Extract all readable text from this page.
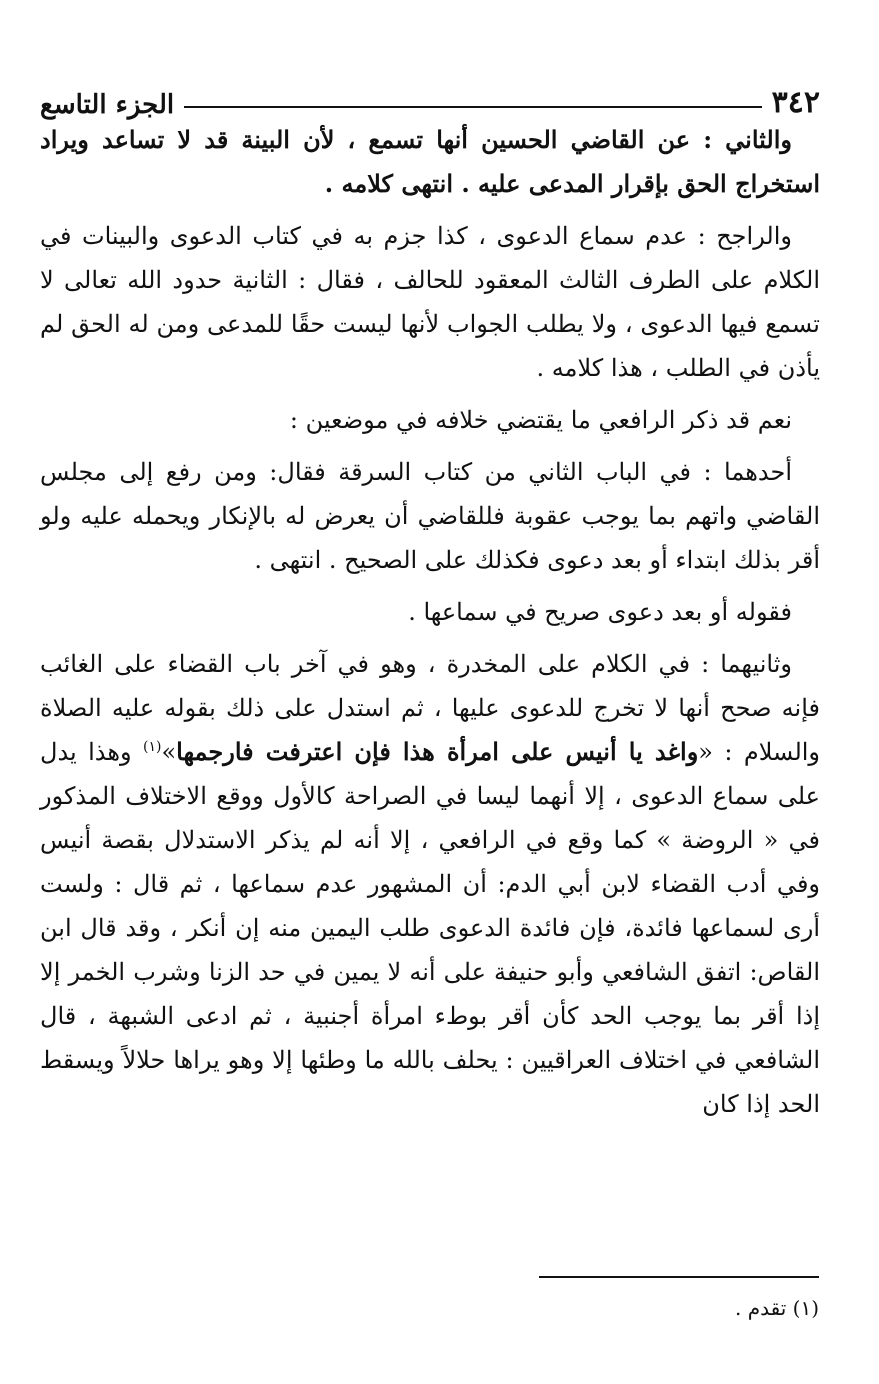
٣٤٢
الجزء التاسع

والثاني : عن القاضي الحسين أنها تسمع ، لأن البينة قد لا تساعد ويراد استخراج الحق بإقرار المدعى عليه . انتهى كلامه .

والراجح : عدم سماع الدعوى ، كذا جزم به في كتاب الدعوى والبينات في الكلام على الطرف الثالث المعقود للحالف ، فقال : الثانية حدود الله تعالى لا تسمع فيها الدعوى ، ولا يطلب الجواب لأنها ليست حقًا للمدعى ومن له الحق لم يأذن في الطلب ، هذا كلامه .

نعم قد ذكر الرافعي ما يقتضي خلافه في موضعين :

أحدهما : في الباب الثاني من كتاب السرقة فقال: ومن رفع إلى مجلس القاضي واتهم بما يوجب عقوبة فللقاضي أن يعرض له بالإنكار ويحمله عليه ولو أقر بذلك ابتداء أو بعد دعوى فكذلك على الصحيح . انتهى .

فقوله أو بعد دعوى صريح في سماعها .

وثانيهما : في الكلام على المخدرة ، وهو في آخر باب القضاء على الغائب فإنه صحح أنها لا تخرج للدعوى عليها ، ثم استدل على ذلك بقوله عليه الصلاة والسلام : «واغد يا أنيس على امرأة هذا فإن اعترفت فارجمها»$^{(١)}$ وهذا يدل على سماع الدعوى ، إلا أنهما ليسا في الصراحة كالأول ووقع الاختلاف المذكور في « الروضة » كما وقع في الرافعي ، إلا أنه لم يذكر الاستدلال بقصة أنيس وفي أدب القضاء لابن أبي الدم: أن المشهور عدم سماعها ، ثم قال : ولست أرى لسماعها فائدة، فإن فائدة الدعوى طلب اليمين منه إن أنكر ، وقد قال ابن القاص: اتفق الشافعي وأبو حنيفة على أنه لا يمين في حد الزنا وشرب الخمر إلا إذا أقر بما يوجب الحد كأن أقر بوطء امرأة أجنبية ، ثم ادعى الشبهة ، قال الشافعي في اختلاف العراقيين : يحلف بالله ما وطئها إلا وهو يراها حلالاً ويسقط الحد إذا كان

(١) تقدم .
